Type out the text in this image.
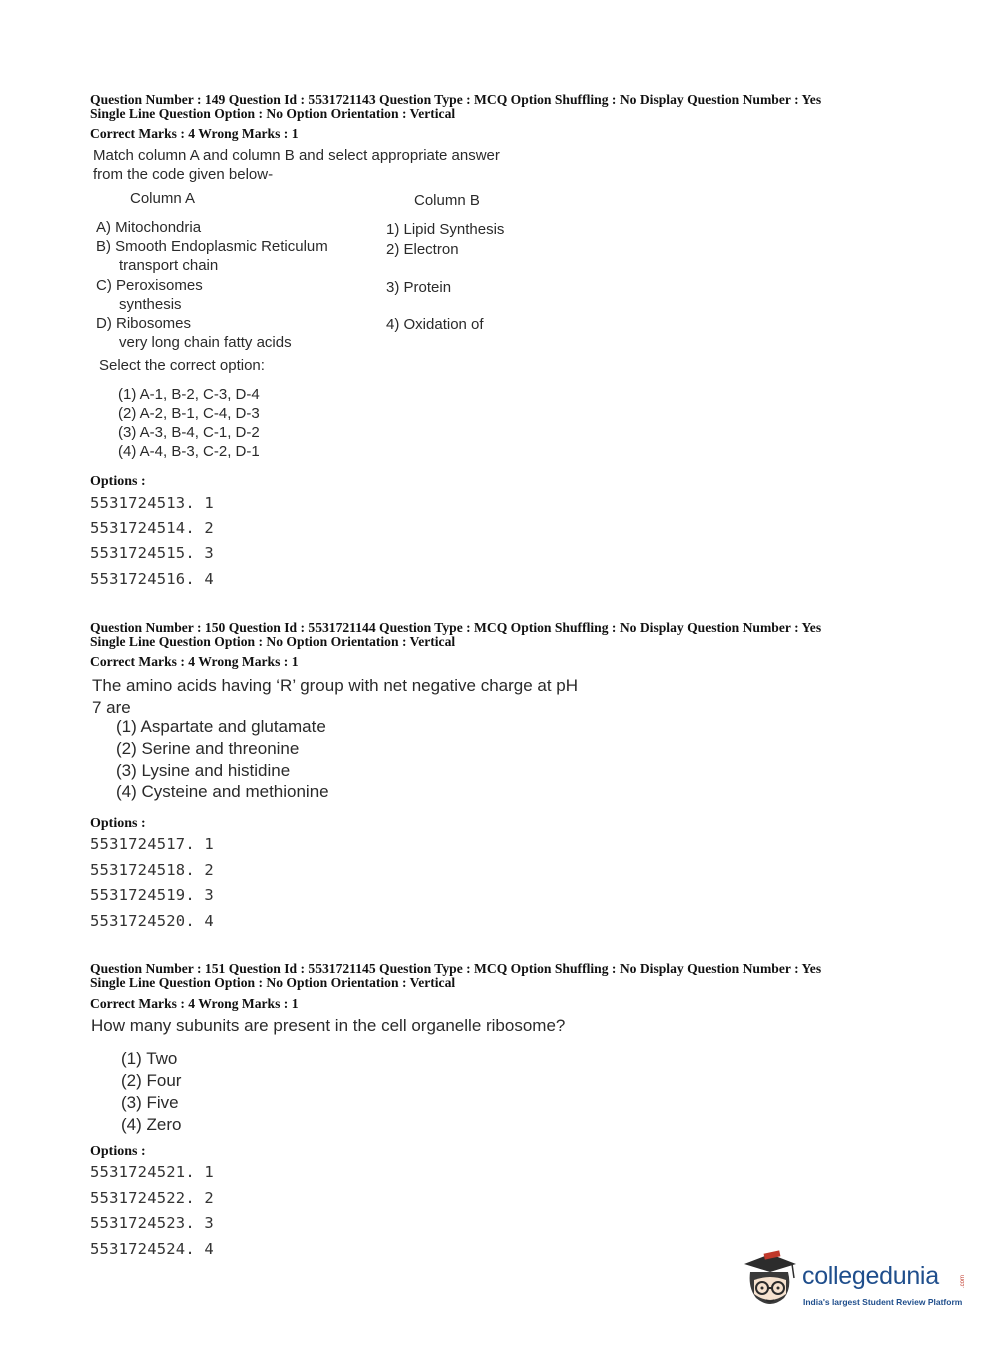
Question Number : 149 Question Id : 5531721143 Question Type : MCQ Option Shuffling : No Display Question Number : Yes
Single Line Question Option : No Option Orientation : Vertical
Correct Marks : 4 Wrong Marks : 1
Match column A and column B and select appropriate answer
from the code given below-
Column A	Column B
A) Mitochondria
B) Smooth Endoplasmic Reticulum
transport chain
C) Peroxisomes
synthesis
D) Ribosomes
very long chain fatty acids
1) Lipid Synthesis
2) Electron
3) Protein
4) Oxidation of
Select the correct option:
(1) A-1, B-2, C-3, D-4
(2) A-2, B-1, C-4, D-3
(3) A-3, B-4, C-1, D-2
(4) A-4, B-3, C-2, D-1
Options :
5531724513. 1
5531724514. 2
5531724515. 3
5531724516. 4
Question Number : 150 Question Id : 5531721144 Question Type : MCQ Option Shuffling : No Display Question Number : Yes
Single Line Question Option : No Option Orientation : Vertical
Correct Marks : 4 Wrong Marks : 1
The amino acids having ‘R’ group with net negative charge at pH
7 are
(1) Aspartate and glutamate
(2) Serine and threonine
(3) Lysine and histidine
(4) Cysteine and methionine
Options :
5531724517. 1
5531724518. 2
5531724519. 3
5531724520. 4
Question Number : 151 Question Id : 5531721145 Question Type : MCQ Option Shuffling : No Display Question Number : Yes
Single Line Question Option : No Option Orientation : Vertical
Correct Marks : 4 Wrong Marks : 1
How many subunits are present in the cell organelle ribosome?
(1) Two
(2) Four
(3) Five
(4) Zero
Options :
5531724521. 1
5531724522. 2
5531724523. 3
5531724524. 4
collegedunia	.com
India's largest Student Review Platform
